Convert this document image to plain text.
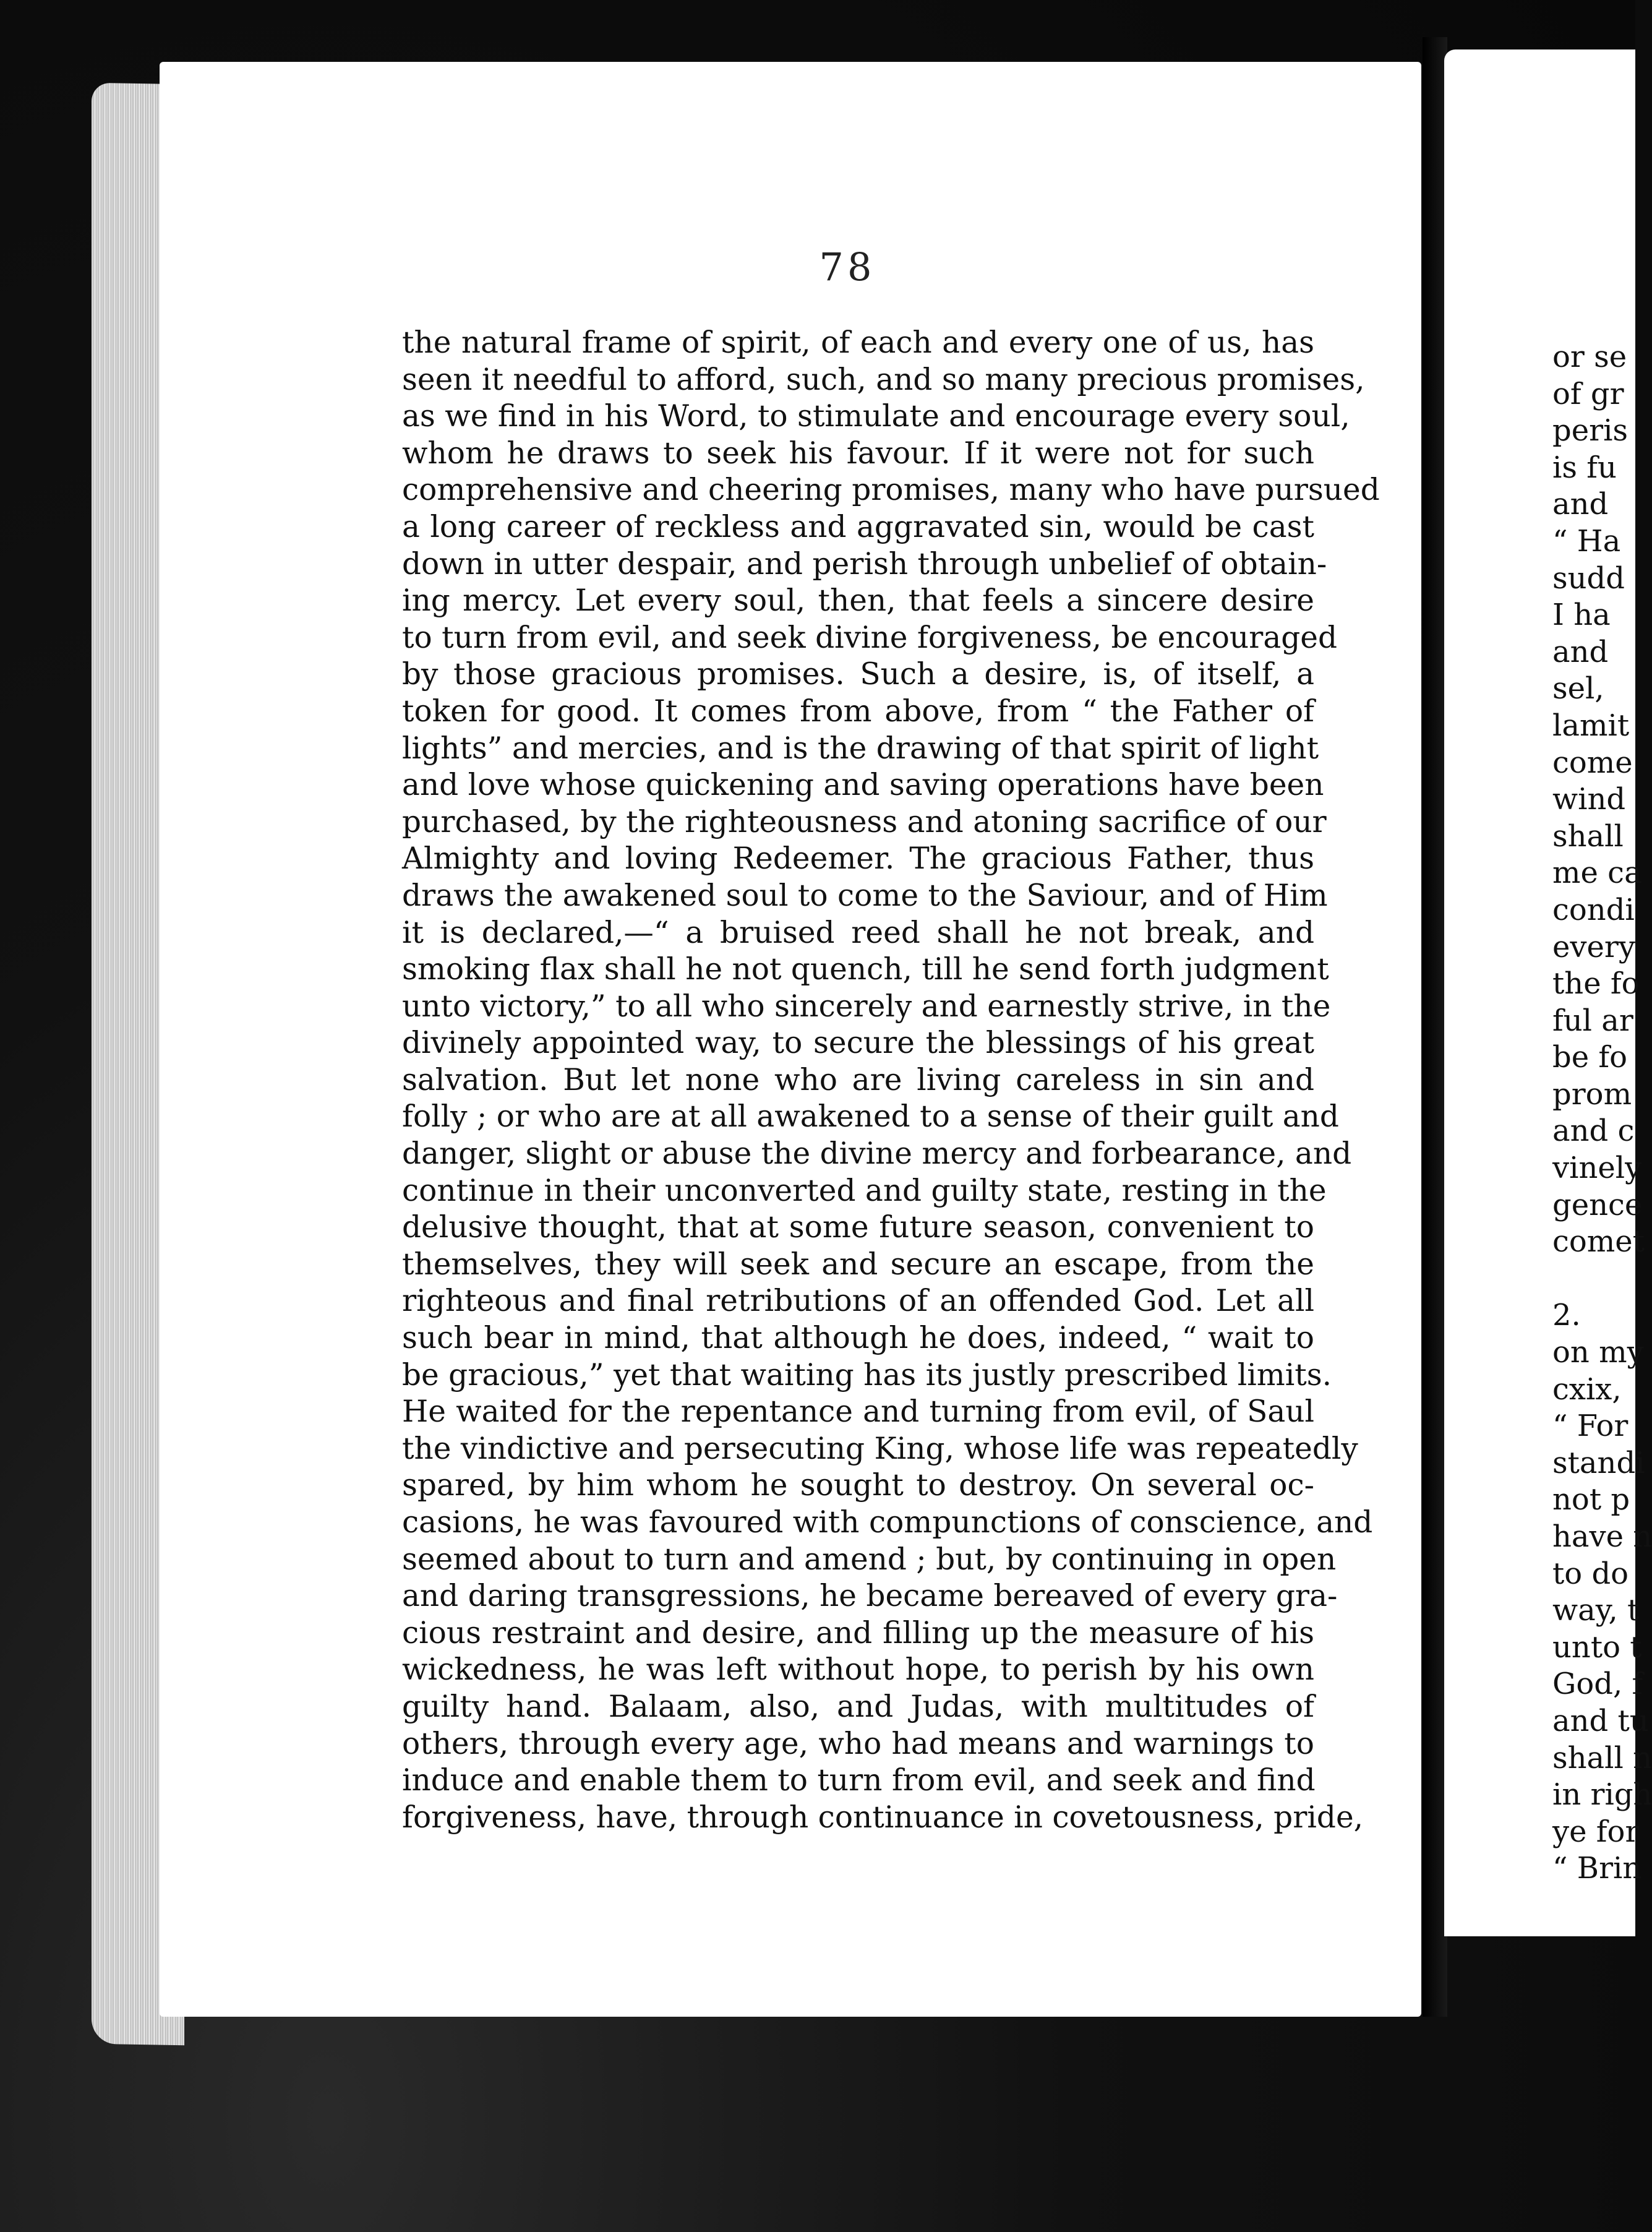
78
the natural frame of spirit, of each and every one of us, has
seen it needful to afford, such, and so many precious promises,
as we find in his Word, to stimulate and encourage every soul,
whom he draws to seek his favour. If it were not for such
comprehensive and cheering promises, many who have pursued
a long career of reckless and aggravated sin, would be cast
down in utter despair, and perish through unbelief of obtain-
ing mercy. Let every soul, then, that feels a sincere desire
to turn from evil, and seek divine forgiveness, be encouraged
by those gracious promises. Such a desire, is, of itself, a
token for good. It comes from above, from “ the Father of
lights” and mercies, and is the drawing of that spirit of light
and love whose quickening and saving operations have been
purchased, by the righteousness and atoning sacrifice of our
Almighty and loving Redeemer. The gracious Father, thus
draws the awakened soul to come to the Saviour, and of Him
it is declared,—“ a bruised reed shall he not break, and
smoking flax shall he not quench, till he send forth judgment
unto victory,” to all who sincerely and earnestly strive, in the
divinely appointed way, to secure the blessings of his great
salvation. But let none who are living careless in sin and
folly ; or who are at all awakened to a sense of their guilt and
danger, slight or abuse the divine mercy and forbearance, and
continue in their unconverted and guilty state, resting in the
delusive thought, that at some future season, convenient to
themselves, they will seek and secure an escape, from the
righteous and final retributions of an offended God. Let all
such bear in mind, that although he does, indeed, “ wait to
be gracious,” yet that waiting has its justly prescribed limits.
He waited for the repentance and turning from evil, of Saul
the vindictive and persecuting King, whose life was repeatedly
spared, by him whom he sought to destroy. On several oc-
casions, he was favoured with compunctions of conscience, and
seemed about to turn and amend ; but, by continuing in open
and daring transgressions, he became bereaved of every gra-
cious restraint and desire, and filling up the measure of his
wickedness, he was left without hope, to perish by his own
guilty hand. Balaam, also, and Judas, with multitudes of
others, through every age, who had means and warnings to
induce and enable them to turn from evil, and seek and find
forgiveness, have, through continuance in covetousness, pride,
or se
of gr
peris
is fu
and
“ Ha
sudd
I ha
and
sel,
lamit
come
wind
shall
me ca
condi
every
the fo
ful ar
be fo
prom
and c
vinely
gence
comet
2.
on my
cxix,
“ For
standi
not p
have n
to do
way, t
unto t
God, f
and tu
shall n
in righ
ye for
“ Brin
